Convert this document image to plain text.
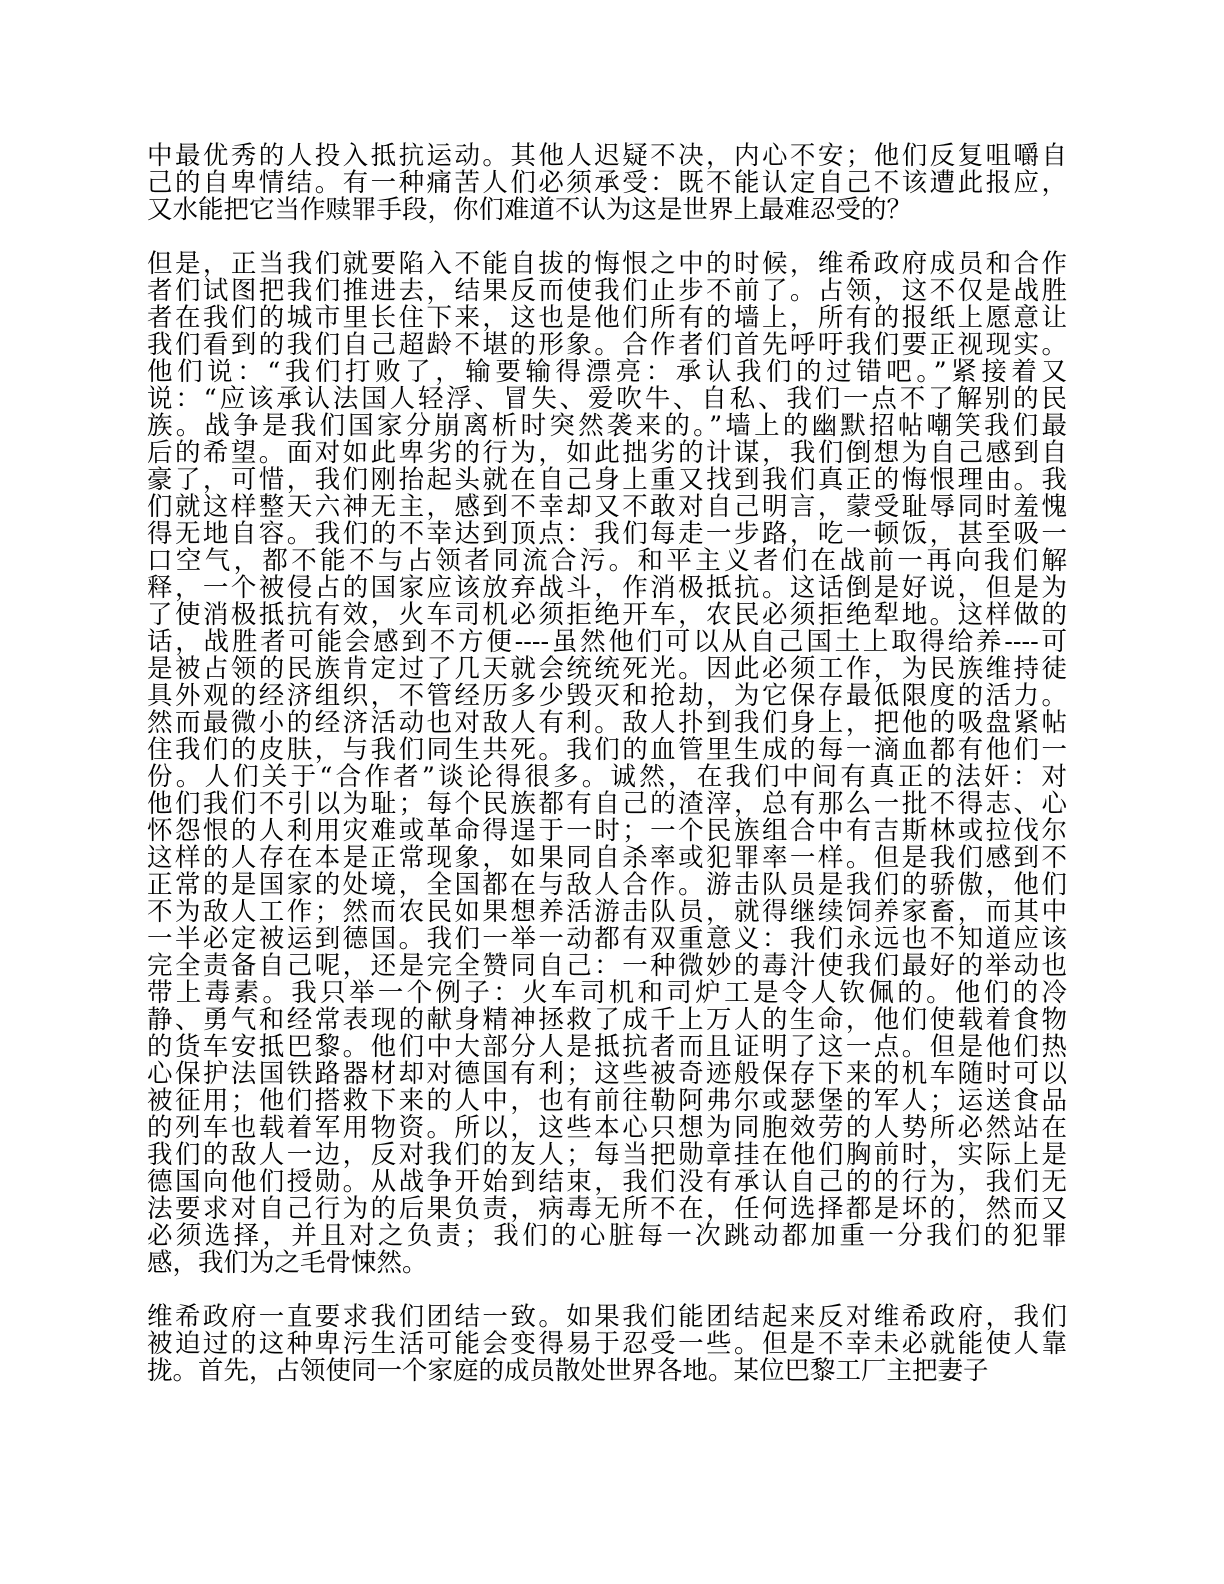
中最优秀的人投入抵抗运动。其他人迟疑不决，内心不安；他们反复咀嚼自
己的自卑情结。有一种痛苦人们必须承受：既不能认定自己不该遭此报应，
又水能把它当作赎罪手段，你们难道不认为这是世界上最难忍受的？
但是，正当我们就要陷入不能自拔的悔恨之中的时候，维希政府成员和合作
者们试图把我们推进去，结果反而使我们止步不前了。占领，这不仅是战胜
者在我们的城市里长住下来，这也是他们所有的墙上，所有的报纸上愿意让
我们看到的我们自己超龄不堪的形象。合作者们首先呼吁我们要正视现实。
他们说：“我们打败了，输要输得漂亮：承认我们的过错吧。”紧接着又
说：“应该承认法国人轻浮、冒失、爱吹牛、自私、我们一点不了解别的民
族。战争是我们国家分崩离析时突然袭来的。”墙上的幽默招帖嘲笑我们最
后的希望。面对如此卑劣的行为，如此拙劣的计谋，我们倒想为自己感到自
豪了，可惜，我们刚抬起头就在自己身上重又找到我们真正的悔恨理由。我
们就这样整天六神无主，感到不幸却又不敢对自己明言，蒙受耻辱同时羞愧
得无地自容。我们的不幸达到顶点：我们每走一步路，吃一顿饭，甚至吸一
口空气，都不能不与占领者同流合污。和平主义者们在战前一再向我们解
释，一个被侵占的国家应该放弃战斗，作消极抵抗。这话倒是好说，但是为
了使消极抵抗有效，火车司机必须拒绝开车，农民必须拒绝犁地。这样做的
话，战胜者可能会感到不方便----虽然他们可以从自己国土上取得给养----可
是被占领的民族肯定过了几天就会统统死光。因此必须工作，为民族维持徒
具外观的经济组织，不管经历多少毁灭和抢劫，为它保存最低限度的活力。
然而最微小的经济活动也对敌人有利。敌人扑到我们身上，把他的吸盘紧帖
住我们的皮肤，与我们同生共死。我们的血管里生成的每一滴血都有他们一
份。人们关于“合作者”谈论得很多。诚然，在我们中间有真正的法奸：对
他们我们不引以为耻；每个民族都有自己的渣滓，总有那么一批不得志、心
怀怨恨的人利用灾难或革命得逞于一时；一个民族组合中有吉斯林或拉伐尔
这样的人存在本是正常现象，如果同自杀率或犯罪率一样。但是我们感到不
正常的是国家的处境，全国都在与敌人合作。游击队员是我们的骄傲，他们
不为敌人工作；然而农民如果想养活游击队员，就得继续饲养家畜，而其中
一半必定被运到德国。我们一举一动都有双重意义：我们永远也不知道应该
完全责备自己呢，还是完全赞同自己：一种微妙的毒汁使我们最好的举动也
带上毒素。我只举一个例子：火车司机和司炉工是令人钦佩的。他们的冷
静、勇气和经常表现的献身精神拯救了成千上万人的生命，他们使载着食物
的货车安抵巴黎。他们中大部分人是抵抗者而且证明了这一点。但是他们热
心保护法国铁路器材却对德国有利；这些被奇迹般保存下来的机车随时可以
被征用；他们搭救下来的人中，也有前往勒阿弗尔或瑟堡的军人；运送食品
的列车也载着军用物资。所以，这些本心只想为同胞效劳的人势所必然站在
我们的敌人一边，反对我们的友人；每当把勋章挂在他们胸前时，实际上是
德国向他们授勋。从战争开始到结束，我们没有承认自己的的行为，我们无
法要求对自己行为的后果负责，病毒无所不在，任何选择都是坏的，然而又
必须选择，并且对之负责；我们的心脏每一次跳动都加重一分我们的犯罪
感，我们为之毛骨悚然。
维希政府一直要求我们团结一致。如果我们能团结起来反对维希政府，我们
被迫过的这种卑污生活可能会变得易于忍受一些。但是不幸未必就能使人靠
拢。首先，占领使同一个家庭的成员散处世界各地。某位巴黎工厂主把妻子
